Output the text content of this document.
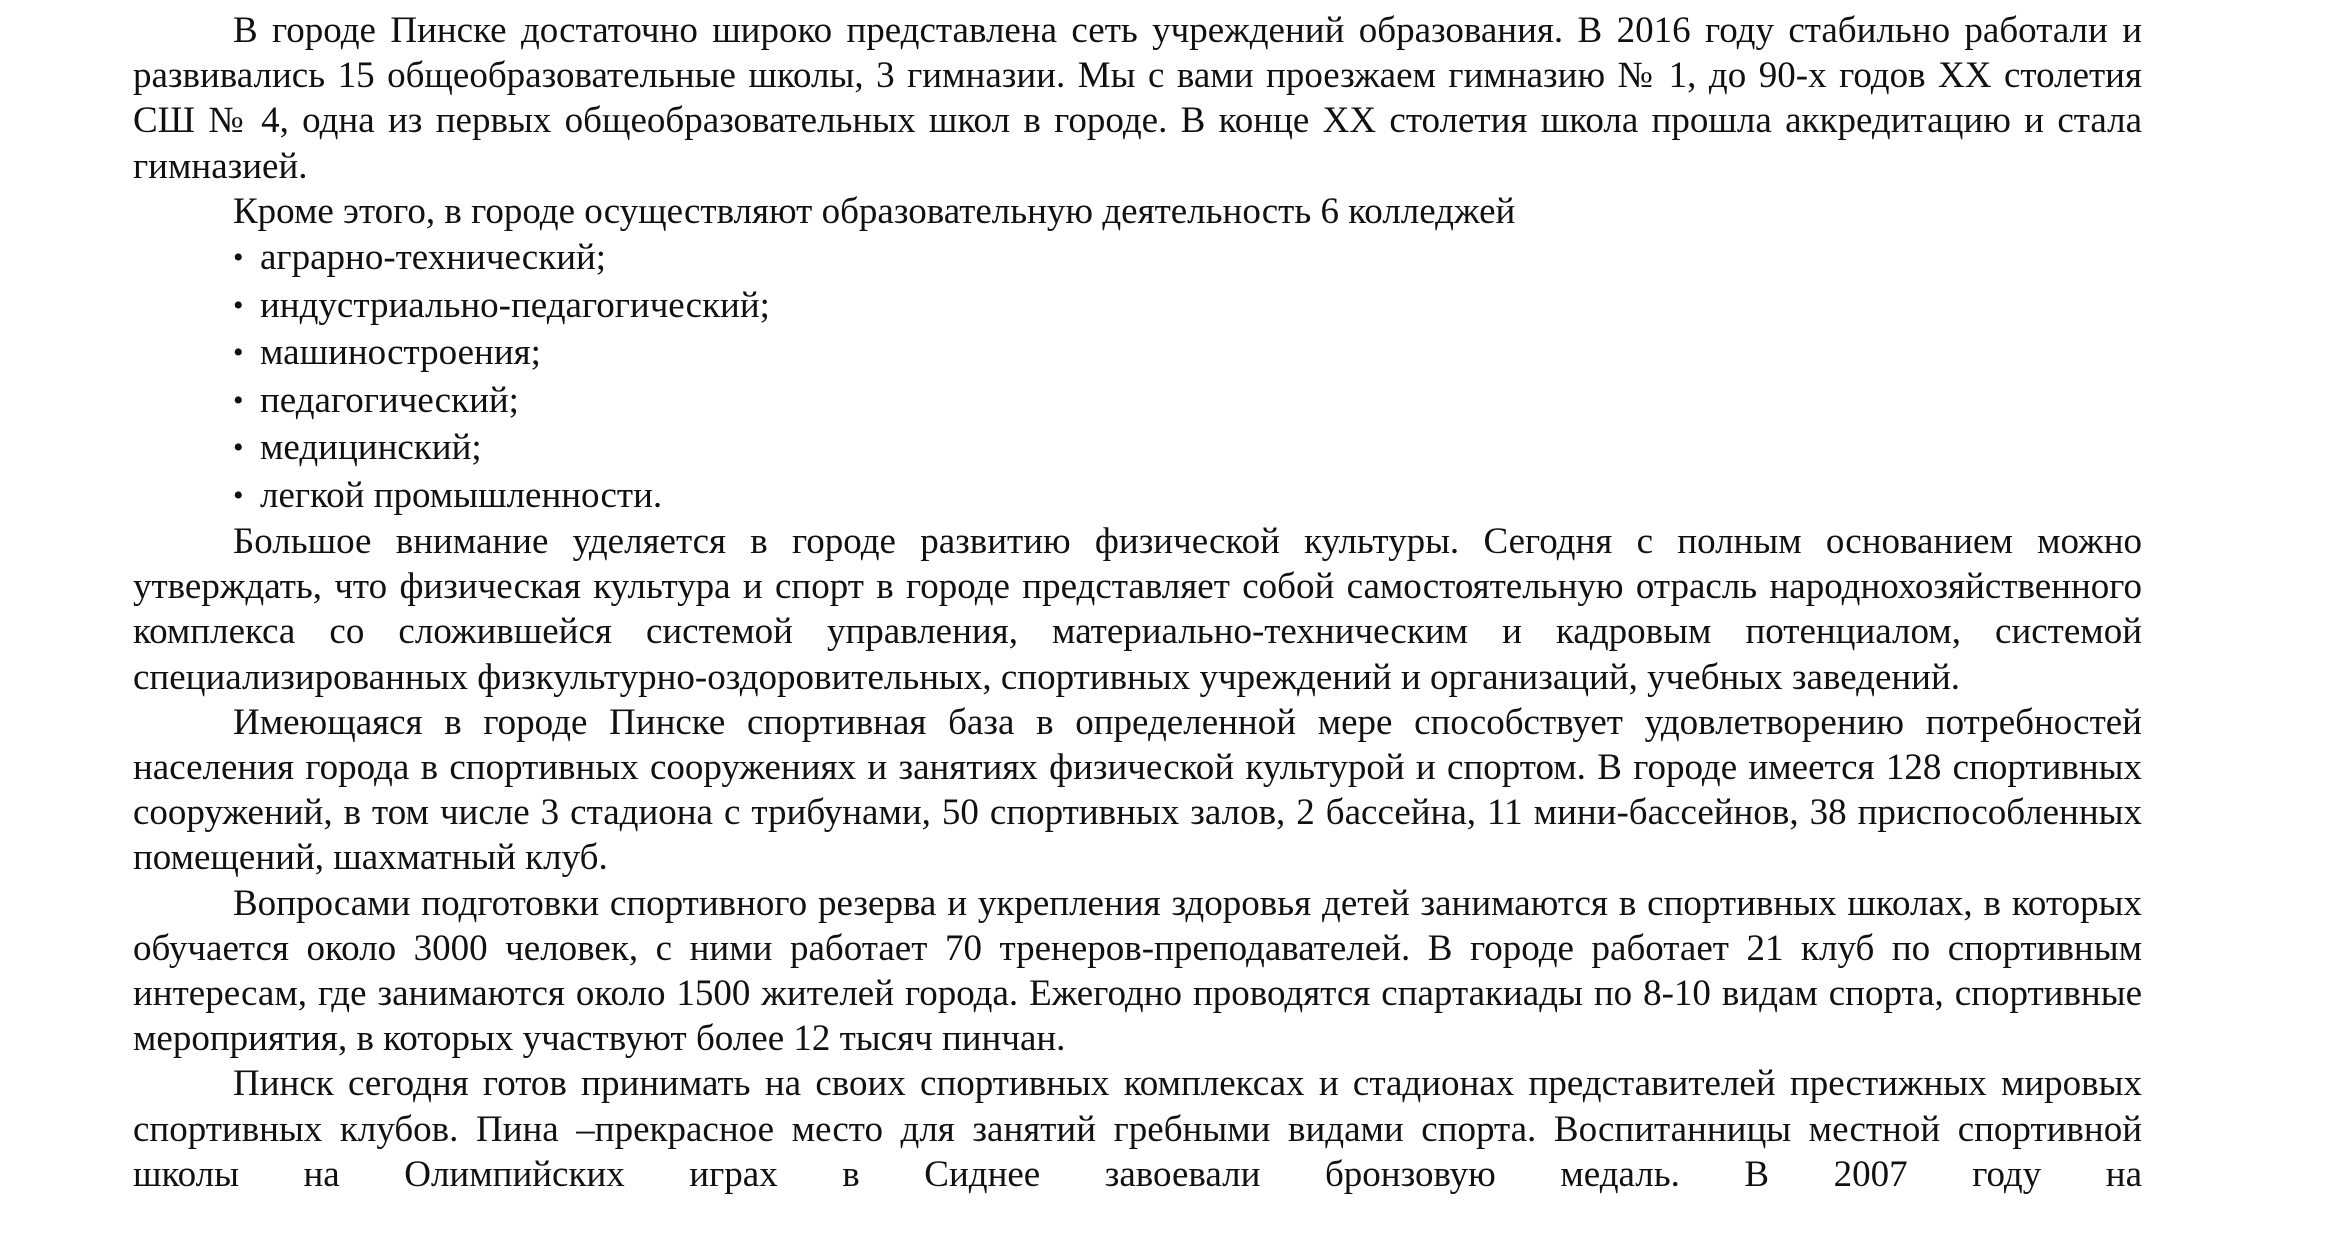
В городе Пинске достаточно широко представлена сеть учреждений образования. В 2016 году стабильно работали и развивались 15 общеобразовательные школы, 3 гимназии. Мы с вами проезжаем гимназию № 1, до 90-х годов XX столетия СШ № 4, одна из первых общеобразовательных школ в городе. В конце XX столетия школа прошла аккредитацию и стала гимназией.

Кроме этого, в городе осуществляют образовательную деятельность 6 колледжей

• аграрно-технический;
• индустриально-педагогический;
• машиностроения;
• педагогический;
• медицинский;
• легкой промышленности.

Большое внимание уделяется в городе развитию физической культуры. Сегодня с полным основанием можно утверждать, что физическая культура и спорт в городе представляет собой самостоятельную отрасль народнохозяйственного комплекса со сложившейся системой управления, материально-техническим и кадровым потенциалом, системой специализированных физкультурно-оздоровительных, спортивных учреждений и организаций, учебных заведений.

Имеющаяся в городе Пинске спортивная база в определенной мере способствует удовлетворению потребностей населения города в спортивных сооружениях и занятиях физической культурой и спортом. В городе имеется 128 спортивных сооружений, в том числе 3 стадиона с трибунами, 50 спортивных залов, 2 бассейна, 11 мини-бассейнов, 38 приспособленных помещений, шахматный клуб.

Вопросами подготовки спортивного резерва и укрепления здоровья детей занимаются в спортивных школах, в которых обучается около 3000 человек, с ними работает 70 тренеров-преподавателей. В городе работает 21 клуб по спортивным интересам, где занимаются около 1500 жителей города. Ежегодно проводятся спартакиады по 8-10 видам спорта, спортивные мероприятия, в которых участвуют более 12 тысяч пинчан.

Пинск сегодня готов принимать на своих спортивных комплексах и стадионах представителей престижных мировых спортивных клубов. Пина –прекрасное место для занятий гребными видами спорта. Воспитанницы местной спортивной школы на Олимпийских играх в Сиднее завоевали бронзовую медаль. В 2007 году на
